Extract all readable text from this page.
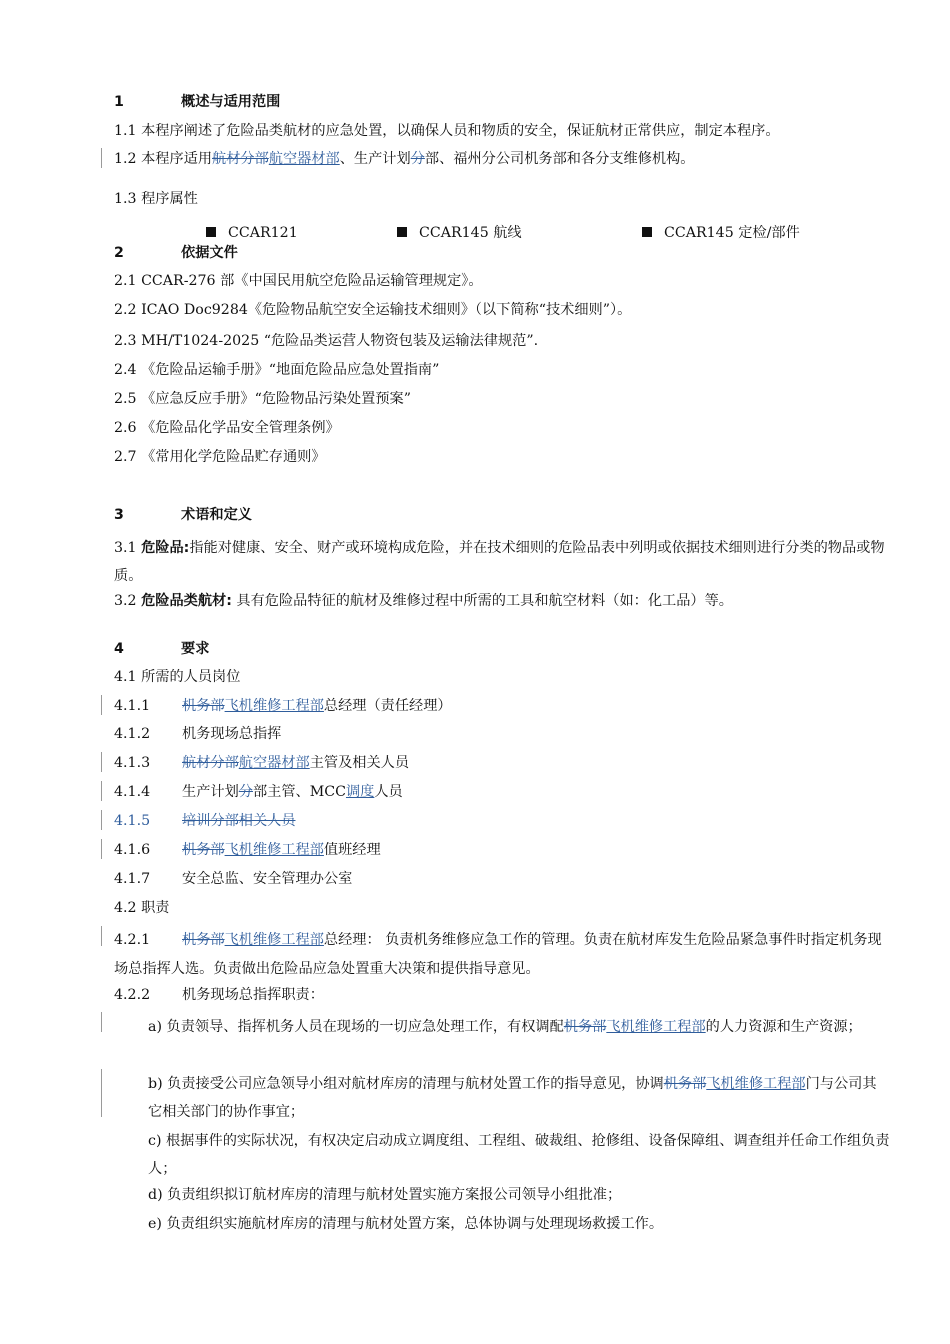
1	概述与适用范围
1.1 本程序阐述了危险品类航材的应急处置，以确保人员和物质的安全，保证航材正常供应，制定本程序。
1.2 本程序适用航材分部航空器材部、生产计划分部、福州分公司机务部和各分支维修机构。
1.3 程序属性
CCAR121	CCAR145 航线	CCAR145 定检/部件
2	依据文件
2.1 CCAR-276 部《中国民用航空危险品运输管理规定》。
2.2 ICAO Doc9284《危险物品航空安全运输技术细则》（以下简称“技术细则”）。
2.3 MH/T1024-2025 “危险品类运营人物资包装及运输法律规范”.
2.4 《危险品运输手册》“地面危险品应急处置指南”
2.5 《应急反应手册》“危险物品污染处置预案”
2.6 《危险品化学品安全管理条例》
2.7 《常用化学危险品贮存通则》
3	术语和定义
3.1 危险品:指能对健康、安全、财产或环境构成危险，并在技术细则的危险品表中列明或依据技术细则进行分类的物品或物质。
3.2 危险品类航材: 具有危险品特征的航材及维修过程中所需的工具和航空材料（如：化工品）等。
4	要求
4.1 所需的人员岗位
4.1.1 机务部飞机维修工程部总经理（责任经理）
4.1.2 机务现场总指挥
4.1.3 航材分部航空器材部主管及相关人员
4.1.4 生产计划分部主管、MCC调度人员
4.1.5 培训分部相关人员
4.1.6 机务部飞机维修工程部值班经理
4.1.7 安全总监、安全管理办公室
4.2 职责
4.2.1 机务部飞机维修工程部总经理： 负责机务维修应急工作的管理。负责在航材库发生危险品紧急事件时指定机务现场总指挥人选。负责做出危险品应急处置重大决策和提供指导意见。
4.2.2 机务现场总指挥职责：
a) 负责领导、指挥机务人员在现场的一切应急处理工作，有权调配机务部飞机维修工程部的人力资源和生产资源；
b) 负责接受公司应急领导小组对航材库房的清理与航材处置工作的指导意见，协调机务部飞机维修工程部门与公司其它相关部门的协作事宜；
c) 根据事件的实际状况，有权决定启动成立调度组、工程组、破裁组、抢修组、设备保障组、调查组并任命工作组负责人；
d) 负责组织拟订航材库房的清理与航材处置实施方案报公司领导小组批准；
e) 负责组织实施航材库房的清理与航材处置方案，总体协调与处理现场救援工作。
